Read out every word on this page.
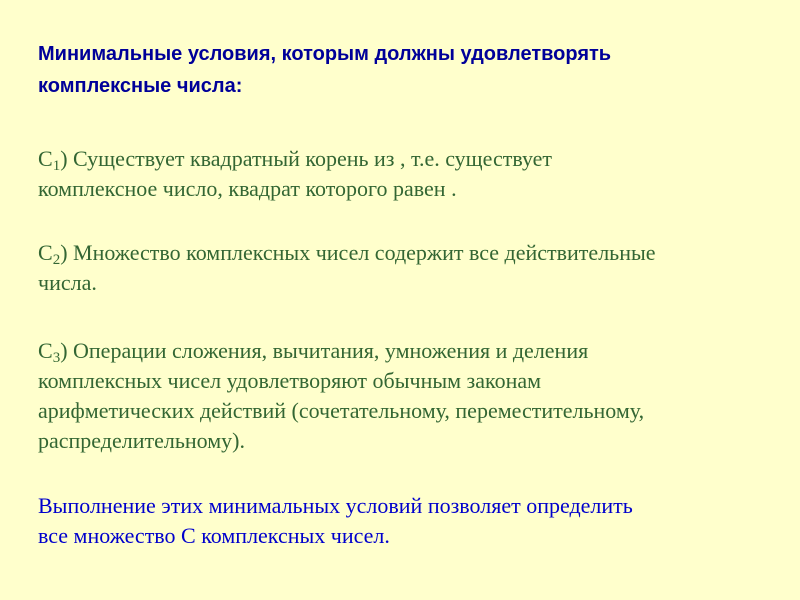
Минимальные условия, которым должны удовлетворять
комплексные числа:
$C_1$) Существует квадратный корень из , т.е. существует
комплексное число, квадрат которого равен .
$C_2$) Множество комплексных чисел содержит все действительные
числа.
$C_3$) Операции сложения, вычитания, умножения и деления
комплексных чисел удовлетворяют обычным законам
арифметических действий (сочетательному, переместительному,
распределительному).
Выполнение этих минимальных условий позволяет определить
все множество C комплексных чисел.
